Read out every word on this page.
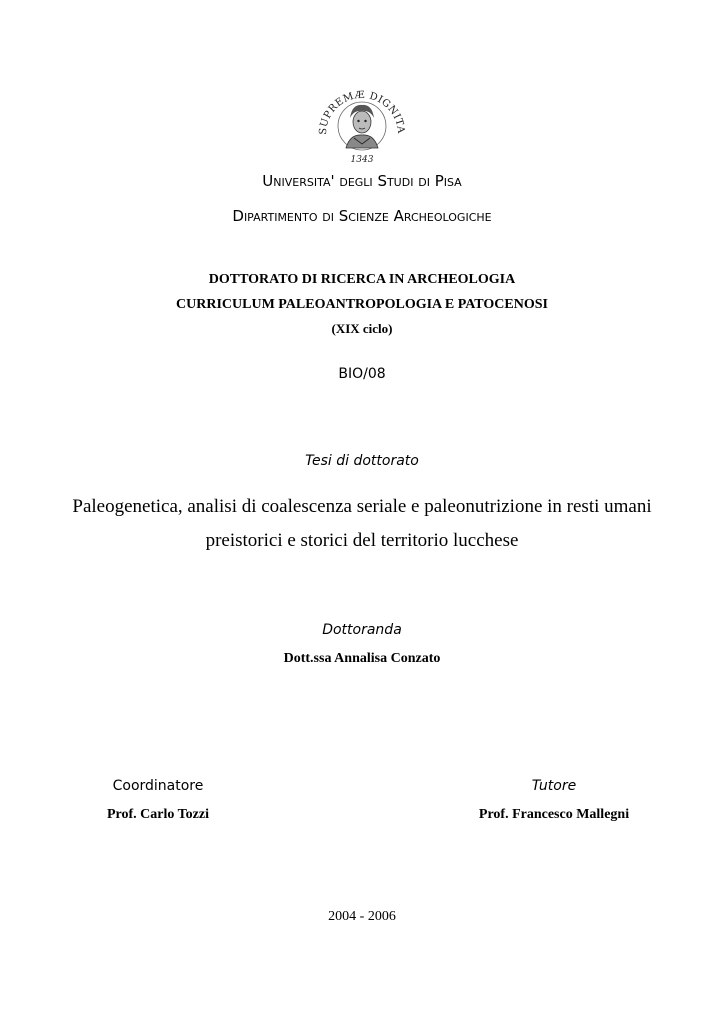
SUPREMÆ DIGNITA
1343
Universita' degli Studi di Pisa
Dipartimento di Scienze Archeologiche
DOTTORATO DI RICERCA IN ARCHEOLOGIA
CURRICULUM PALEOANTROPOLOGIA E PATOCENOSI
(XIX ciclo)
BIO/08
Tesi di dottorato
Paleogenetica, analisi di coalescenza seriale e paleonutrizione in resti umani
preistorici e storici del territorio lucchese
Dottoranda
Dott.ssa Annalisa Conzato
Coordinatore
Prof. Carlo Tozzi
Tutore
Prof. Francesco Mallegni
2004 - 2006
